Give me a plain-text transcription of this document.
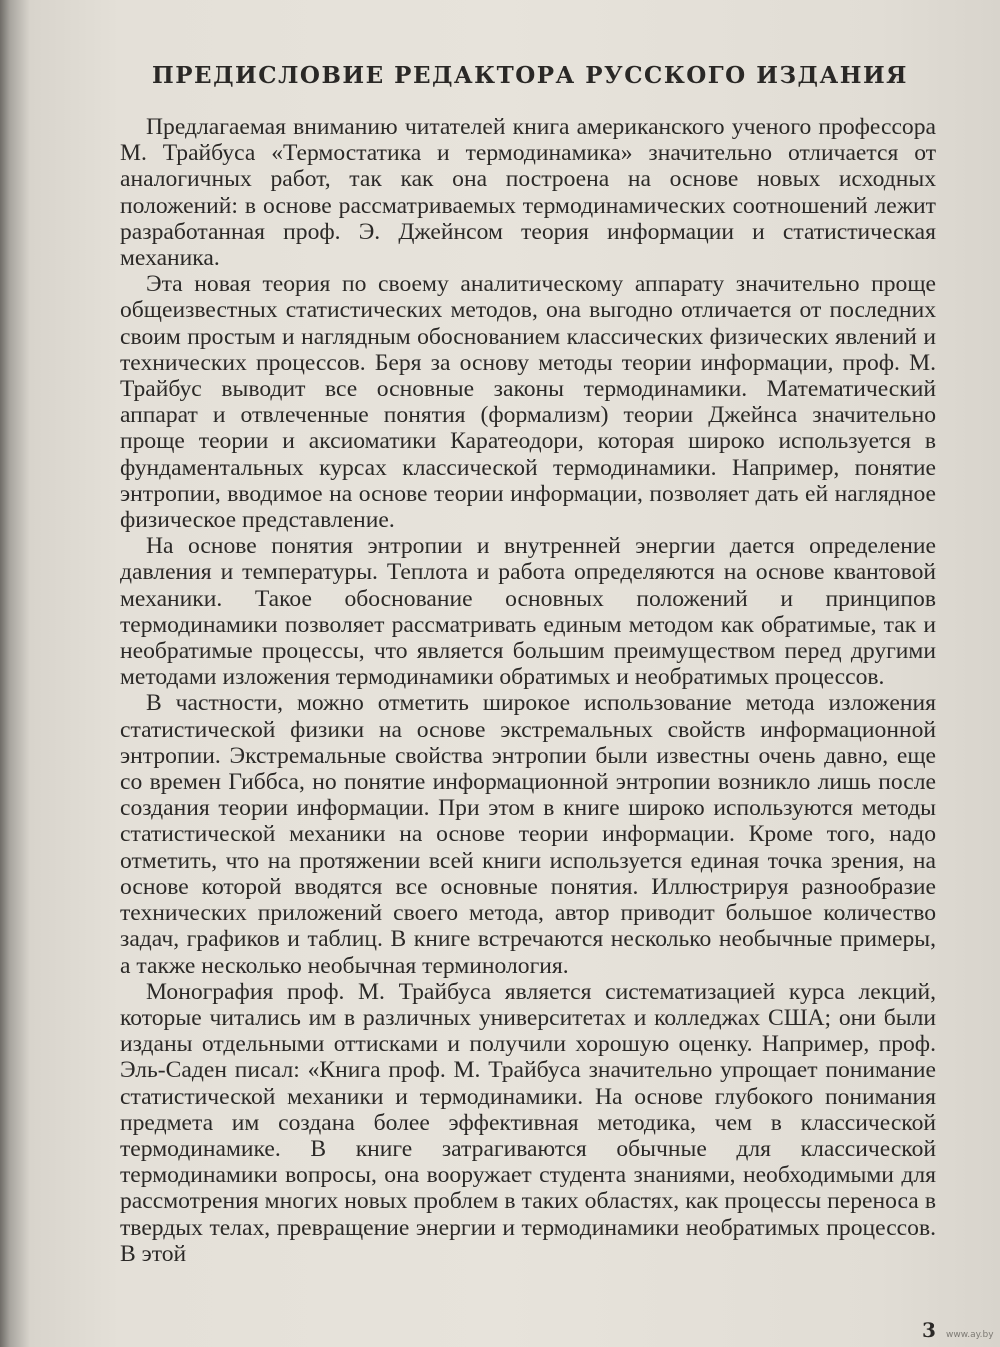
ПРЕДИСЛОВИЕ РЕДАКТОРА РУССКОГО ИЗДАНИЯ

Предлагаемая вниманию читателей книга американского ученого профессора М. Трайбуса «Термостатика и термодинамика» значительно отличается от аналогичных работ, так как она построена на основе новых исходных положений: в основе рассматриваемых термодинамических соотношений лежит разработанная проф. Э. Джейнсом теория информации и статистическая механика.

Эта новая теория по своему аналитическому аппарату значительно проще общеизвестных статистических методов, она выгодно отличается от последних своим простым и наглядным обоснованием классических физических явлений и технических процессов. Беря за основу методы теории информации, проф. М. Трайбус выводит все основные законы термодинамики. Математический аппарат и отвлеченные понятия (формализм) теории Джейнса значительно проще теории и аксиоматики Каратеодори, которая широко используется в фундаментальных курсах классической термодинамики. Например, понятие энтропии, вводимое на основе теории информации, позволяет дать ей наглядное физическое представление.

На основе понятия энтропии и внутренней энергии дается определение давления и температуры. Теплота и работа определяются на основе квантовой механики. Такое обоснование основных положений и принципов термодинамики позволяет рассматривать единым методом как обратимые, так и необратимые процессы, что является большим преимуществом перед другими методами изложения термодинамики обратимых и необратимых процессов.

В частности, можно отметить широкое использование метода изложения статистической физики на основе экстремальных свойств информационной энтропии. Экстремальные свойства энтропии были известны очень давно, еще со времен Гиббса, но понятие информационной энтропии возникло лишь после создания теории информации. При этом в книге широко используются методы статистической механики на основе теории информации. Кроме того, надо отметить, что на протяжении всей книги используется единая точка зрения, на основе которой вводятся все основные понятия. Иллюстрируя разнообразие технических приложений своего метода, автор приводит большое количество задач, графиков и таблиц. В книге встречаются несколько необычные примеры, а также несколько необычная терминология.

Монография проф. М. Трайбуса является систематизацией курса лекций, которые читались им в различных университетах и колледжах США; они были изданы отдельными оттисками и получили хорошую оценку. Например, проф. Эль-Саден писал: «Книга проф. М. Трайбуса значительно упрощает понимание статистической механики и термодинамики. На основе глубокого понимания предмета им создана более эффективная методика, чем в классической термодинамике. В книге затрагиваются обычные для классической термодинамики вопросы, она вооружает студента знаниями, необходимыми для рассмотрения многих новых проблем в таких областях, как процессы переноса в твердых телах, превращение энергии и термодинамики необратимых процессов. В этой

3 www.ay.by
